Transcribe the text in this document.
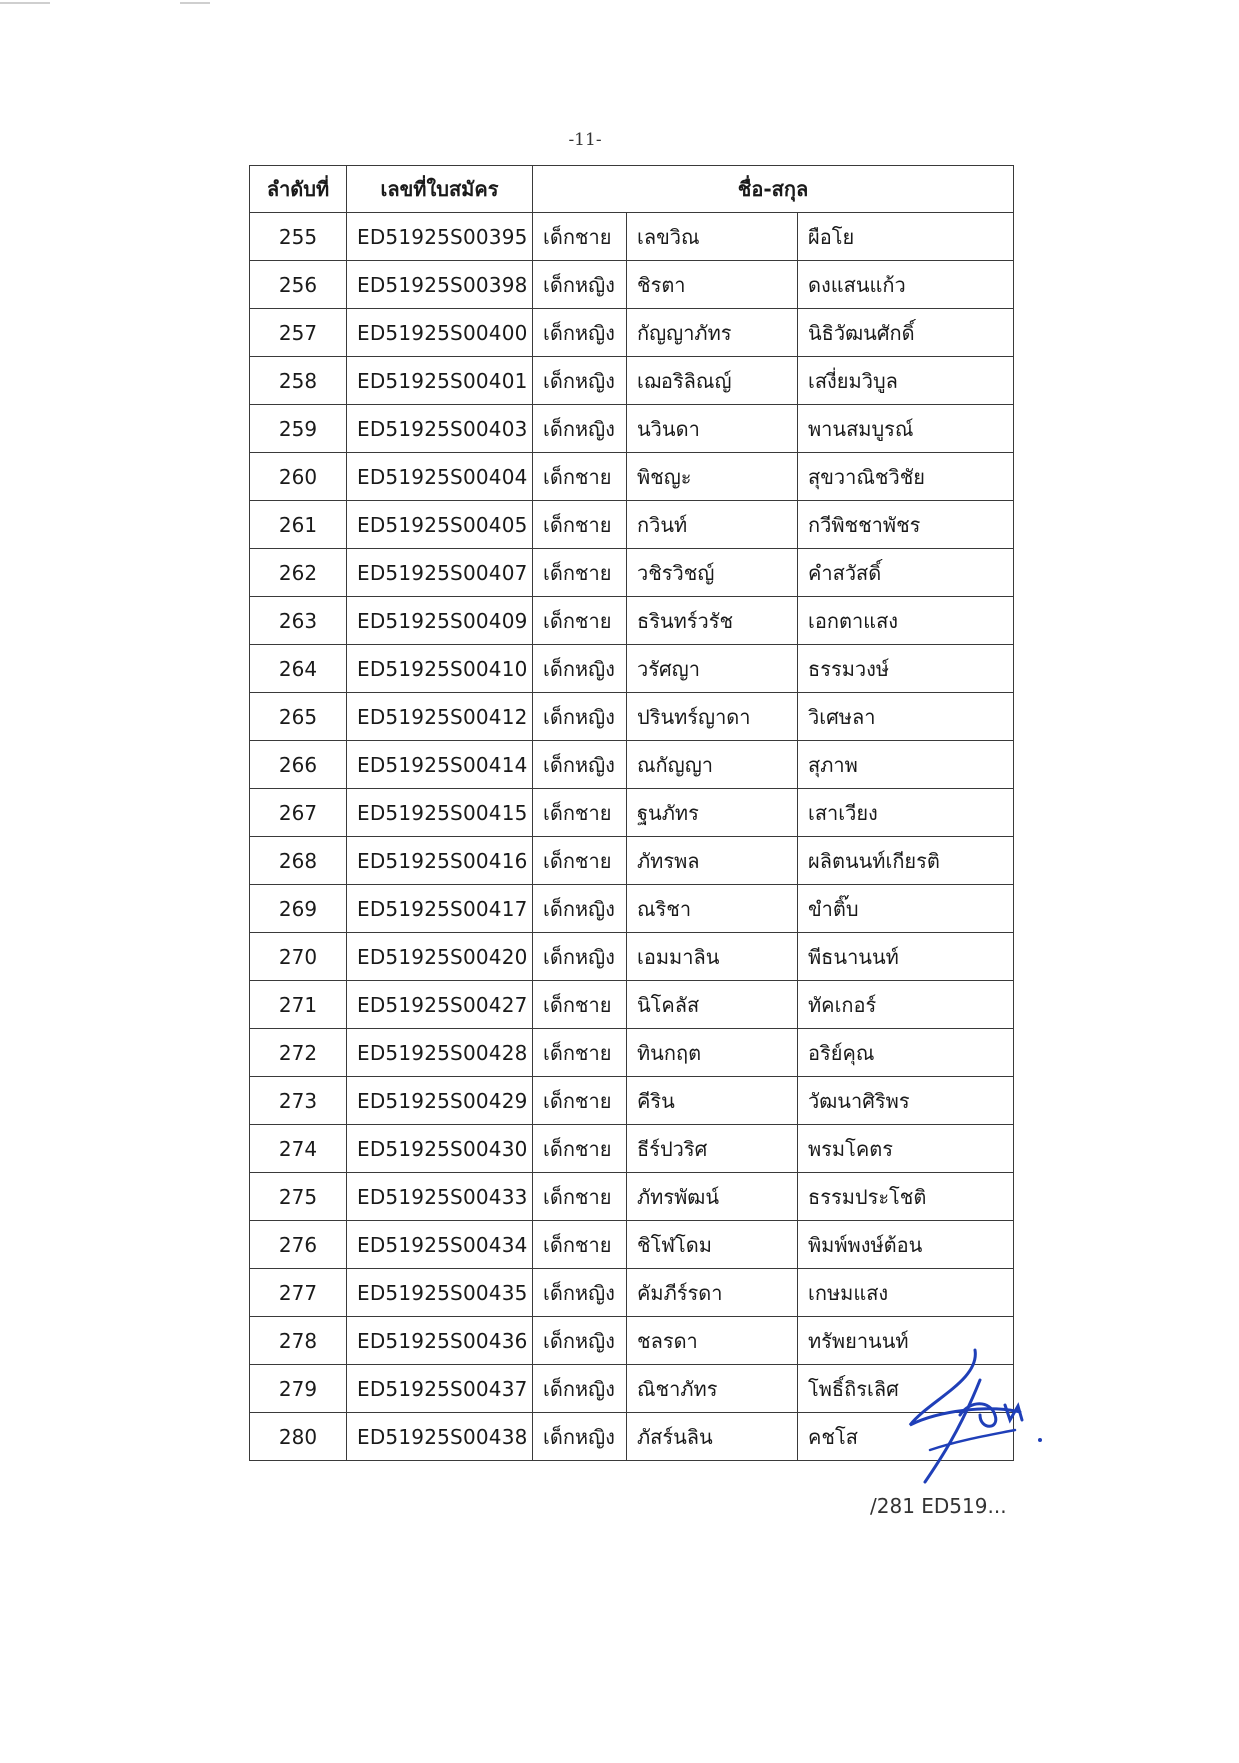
-11-
ลำดับที่	เลขที่ใบสมัคร	ชื่อ-สกุล		
255	ED51925S00395	เด็กชาย	เลขวิณ	ผือโย
256	ED51925S00398	เด็กหญิง	ชิรตา	ดงแสนแก้ว
257	ED51925S00400	เด็กหญิง	กัญญาภัทร	นิธิวัฒนศักดิ์
258	ED51925S00401	เด็กหญิง	เฌอริลิณญ์	เสงี่ยมวิบูล
259	ED51925S00403	เด็กหญิง	นวินดา	พานสมบูรณ์
260	ED51925S00404	เด็กชาย	พิชญะ	สุขวาณิชวิชัย
261	ED51925S00405	เด็กชาย	กวินท์	กวีพิชชาพัชร
262	ED51925S00407	เด็กชาย	วชิรวิชญ์	คำสวัสดิ์
263	ED51925S00409	เด็กชาย	ธรินทร์วรัช	เอกตาแสง
264	ED51925S00410	เด็กหญิง	วรัศญา	ธรรมวงษ์
265	ED51925S00412	เด็กหญิง	ปรินทร์ญาดา	วิเศษลา
266	ED51925S00414	เด็กหญิง	ณกัญญา	สุภาพ
267	ED51925S00415	เด็กชาย	ฐนภัทร	เสาเวียง
268	ED51925S00416	เด็กชาย	ภัทรพล	ผลิตนนท์เกียรติ
269	ED51925S00417	เด็กหญิง	ณริชา	ขำติ๊บ
270	ED51925S00420	เด็กหญิง	เอมมาลิน	พีธนานนท์
271	ED51925S00427	เด็กชาย	นิโคลัส	ทัคเกอร์
272	ED51925S00428	เด็กชาย	ทินกฤต	อริย์คุณ
273	ED51925S00429	เด็กชาย	คีริน	วัฒนาศิริพร
274	ED51925S00430	เด็กชาย	ธีร์ปวริศ	พรมโคตร
275	ED51925S00433	เด็กชาย	ภัทรพัฒน์	ธรรมประโชติ
276	ED51925S00434	เด็กชาย	ชิโฬโดม	พิมพ์พงษ์ต้อน
277	ED51925S00435	เด็กหญิง	คัมภีร์รดา	เกษมแสง
278	ED51925S00436	เด็กหญิง	ชลรดา	ทรัพยานนท์
279	ED51925S00437	เด็กหญิง	ณิชาภัทร	โพธิ์ถิรเลิศ
280	ED51925S00438	เด็กหญิง	ภัสร์นลิน	คชโส
/281 ED519...
